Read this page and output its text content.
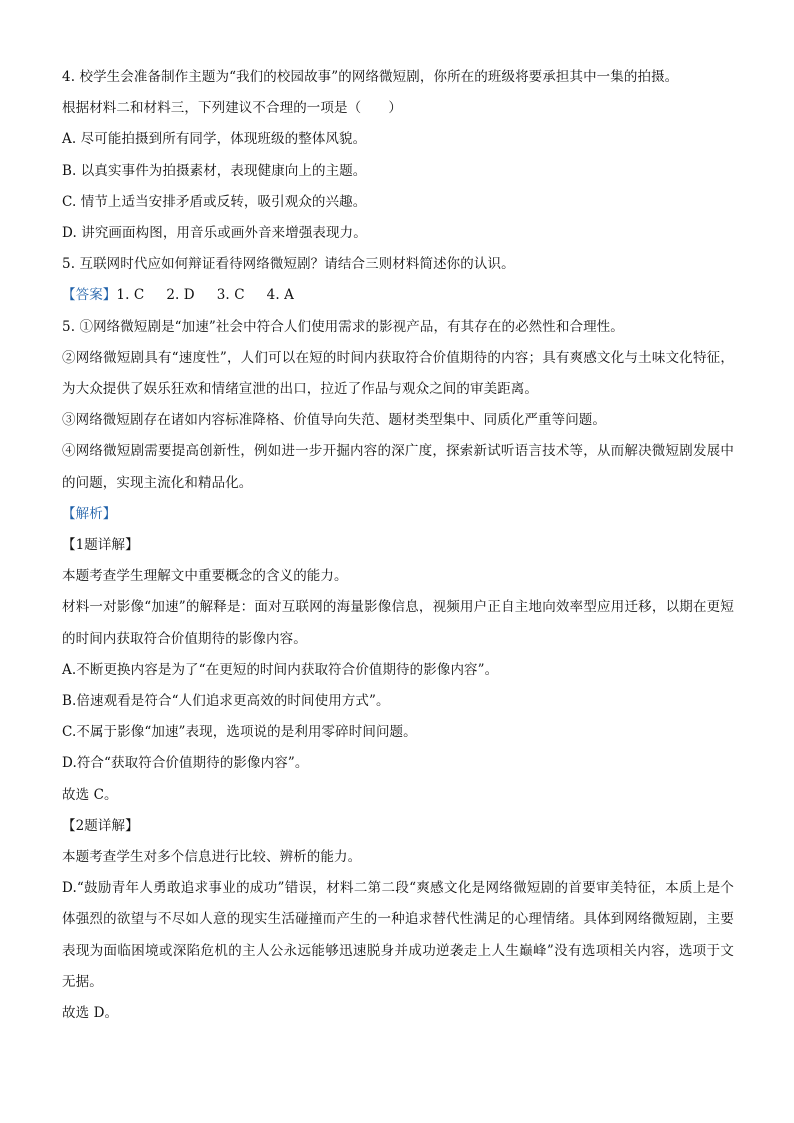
4. 校学生会准备制作主题为“我们的校园故事”的网络微短剧，你所在的班级将要承担其中一集的拍摄。

根据材料二和材料三，下列建议不合理的一项是（　　）

A. 尽可能拍摄到所有同学，体现班级的整体风貌。

B. 以真实事件为拍摄素材，表现健康向上的主题。

C. 情节上适当安排矛盾或反转，吸引观众的兴趣。

D. 讲究画面构图，用音乐或画外音来增强表现力。

5. 互联网时代应如何辩证看待网络微短剧？请结合三则材料简述你的认识。

【答案】1. C 2. D 3. C 4. A

5. ①网络微短剧是“加速”社会中符合人们使用需求的影视产品，有其存在的必然性和合理性。

②网络微短剧具有“速度性”，人们可以在短的时间内获取符合价值期待的内容；具有爽感文化与土味文化特征，为大众提供了娱乐狂欢和情绪宣泄的出口，拉近了作品与观众之间的审美距离。

③网络微短剧存在诸如内容标准降格、价值导向失范、题材类型集中、同质化严重等问题。

④网络微短剧需要提高创新性，例如进一步开掘内容的深广度，探索新试听语言技术等，从而解决微短剧发展中的问题，实现主流化和精品化。

【解析】

【1题详解】

本题考查学生理解文中重要概念的含义的能力。

材料一对影像“加速”的解释是：面对互联网的海量影像信息，视频用户正自主地向效率型应用迁移，以期在更短的时间内获取符合价值期待的影像内容。

A.不断更换内容是为了“在更短的时间内获取符合价值期待的影像内容”。

B.倍速观看是符合“人们追求更高效的时间使用方式”。

C.不属于影像“加速”表现，选项说的是利用零碎时间问题。

D.符合“获取符合价值期待的影像内容”。

故选 C。

【2题详解】

本题考查学生对多个信息进行比较、辨析的能力。

D.“鼓励青年人勇敢追求事业的成功”错误，材料二第二段“爽感文化是网络微短剧的首要审美特征，本质上是个体强烈的欲望与不尽如人意的现实生活碰撞而产生的一种追求替代性满足的心理情绪。具体到网络微短剧，主要表现为面临困境或深陷危机的主人公永远能够迅速脱身并成功逆袭走上人生巅峰”没有选项相关内容，选项于文无据。

故选 D。
